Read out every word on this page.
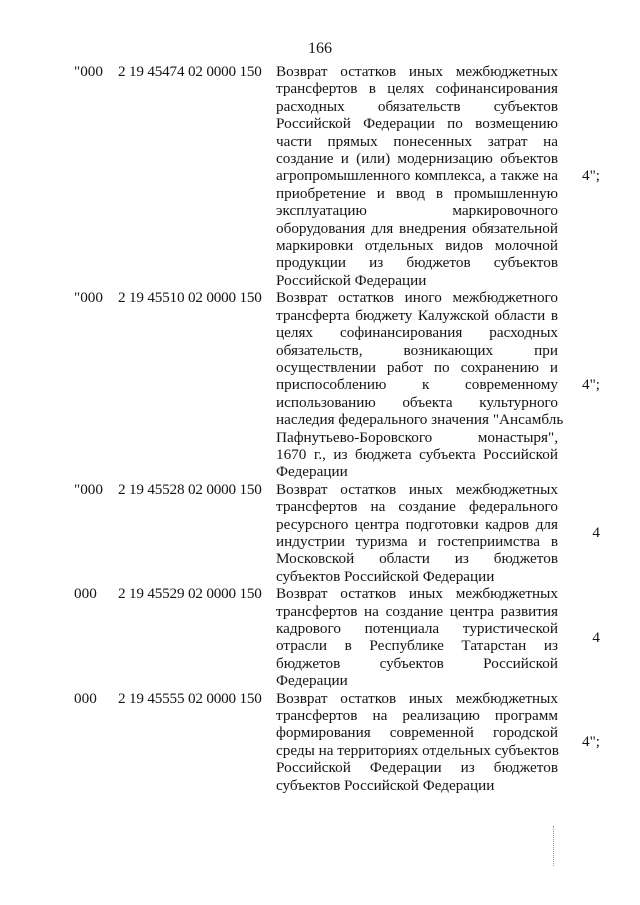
166
"000 2 19 45474 02 0000 150 Возврат остатков иных межбюджетных
трансфертов в целях софинансирования
расходных обязательств субъектов
Российской Федерации по возмещению
части прямых понесенных затрат на
создание и (или) модернизацию объектов
агропромышленного комплекса, а также на
приобретение и ввод в промышленную
эксплуатацию маркировочного
оборудования для внедрения обязательной
маркировки отдельных видов молочной
продукции из бюджетов субъектов
Российской Федерации
4";
"000 2 19 45510 02 0000 150 Возврат остатков иного межбюджетного
трансферта бюджету Калужской области в
целях софинансирования расходных
обязательств, возникающих при
осуществлении работ по сохранению и
приспособлению к современному
использованию объекта культурного
наследия федерального значения "Ансамбль
Пафнутьево-Боровского монастыря",
1670 г., из бюджета субъекта Российской
Федерации
4";
"000 2 19 45528 02 0000 150 Возврат остатков иных межбюджетных
трансфертов на создание федерального
ресурсного центра подготовки кадров для
индустрии туризма и гостеприимства в
Московской области из бюджетов
субъектов Российской Федерации
4
000 2 19 45529 02 0000 150 Возврат остатков иных межбюджетных
трансфертов на создание центра развития
кадрового потенциала туристической
отрасли в Республике Татарстан из
бюджетов субъектов Российской
Федерации
4
000 2 19 45555 02 0000 150 Возврат остатков иных межбюджетных
трансфертов на реализацию программ
формирования современной городской
среды на территориях отдельных субъектов
Российской Федерации из бюджетов
субъектов Российской Федерации
4";
